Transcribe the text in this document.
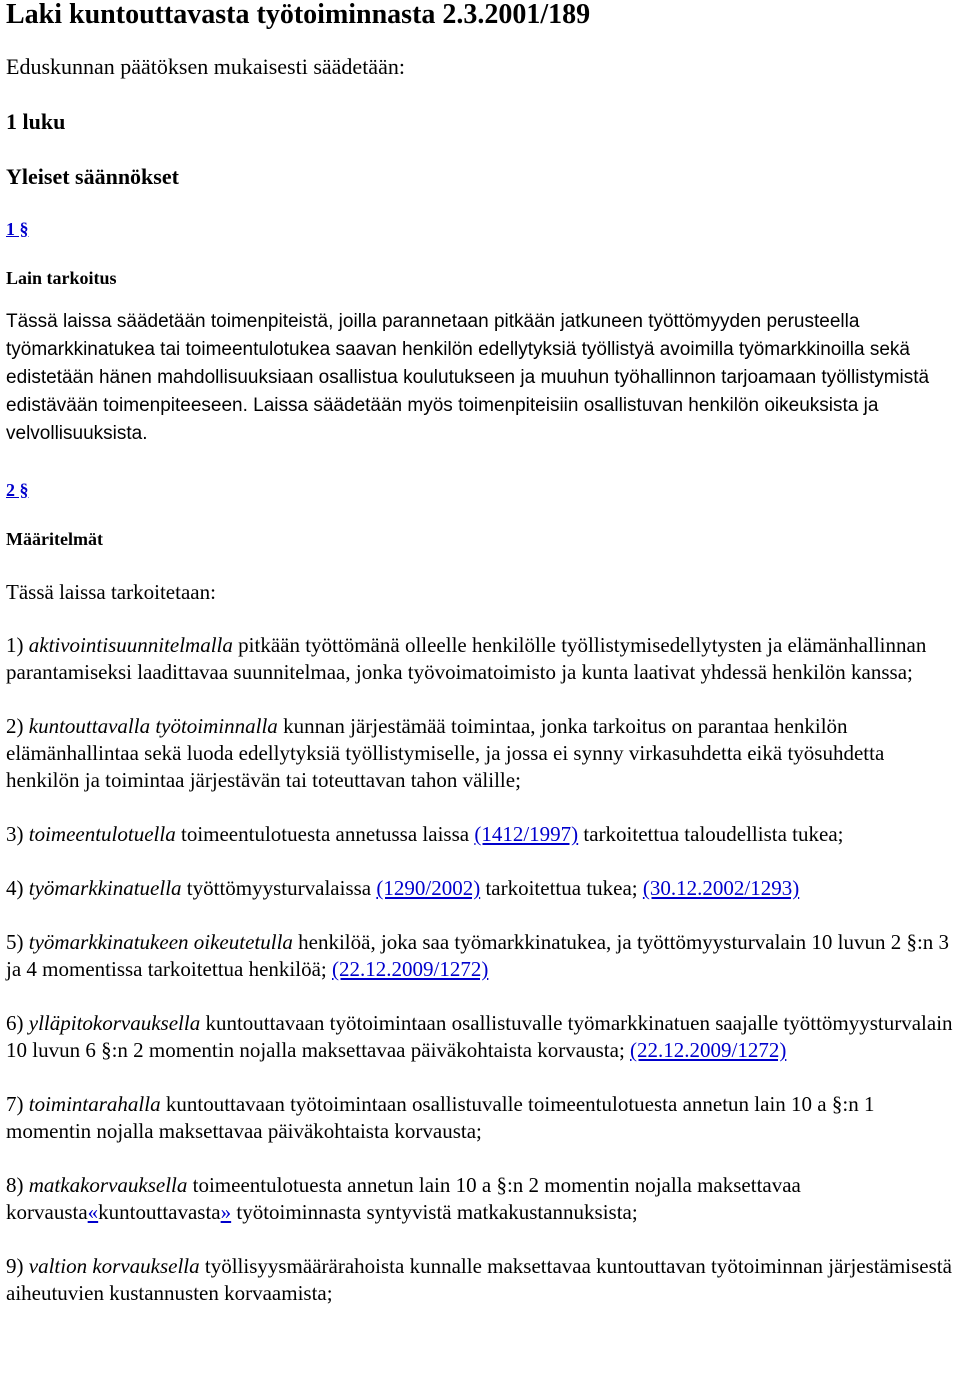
Laki kuntouttavasta työtoiminnasta 2.3.2001/189

Eduskunnan päätöksen mukaisesti säädetään:

1 luku

Yleiset säännökset

1 §

Lain tarkoitus

Tässä laissa säädetään toimenpiteistä, joilla parannetaan pitkään jatkuneen työttömyyden perusteella työmarkkinatukea tai toimeentulotukea saavan henkilön edellytyksiä työllistyä avoimilla työmarkkinoilla sekä edistetään hänen mahdollisuuksiaan osallistua koulutukseen ja muuhun työhallinnon tarjoamaan työllistymistä edistävään toimenpiteeseen. Laissa säädetään myös toimenpiteisiin osallistuvan henkilön oikeuksista ja velvollisuuksista.

2 §

Määritelmät

Tässä laissa tarkoitetaan:

1) aktivointisuunnitelmalla pitkään työttömänä olleelle henkilölle työllistymisedellytysten ja elämänhallinnan parantamiseksi laadittavaa suunnitelmaa, jonka työvoimatoimisto ja kunta laativat yhdessä henkilön kanssa;

2) kuntouttavalla työtoiminnalla kunnan järjestämää toimintaa, jonka tarkoitus on parantaa henkilön elämänhallintaa sekä luoda edellytyksiä työllistymiselle, ja jossa ei synny virkasuhdetta eikä työsuhdetta henkilön ja toimintaa järjestävän tai toteuttavan tahon välille;

3) toimeentulotuella toimeentulotuesta annetussa laissa (1412/1997) tarkoitettua taloudellista tukea;

4) työmarkkinatuella työttömyysturvalaissa (1290/2002) tarkoitettua tukea; (30.12.2002/1293)

5) työmarkkinatukeen oikeutetulla henkilöä, joka saa työmarkkinatukea, ja työttömyysturvalain 10 luvun 2 §:n 3 ja 4 momentissa tarkoitettua henkilöä; (22.12.2009/1272)

6) ylläpitokorvauksella kuntouttavaan työtoimintaan osallistuvalle työmarkkinatuen saajalle työttömyysturvalain 10 luvun 6 §:n 2 momentin nojalla maksettavaa päiväkohtaista korvausta; (22.12.2009/1272)

7) toimintarahalla kuntouttavaan työtoimintaan osallistuvalle toimeentulotuesta annetun lain 10 a §:n 1 momentin nojalla maksettavaa päiväkohtaista korvausta;

8) matkakorvauksella toimeentulotuesta annetun lain 10 a §:n 2 momentin nojalla maksettavaa korvausta«kuntouttavasta» työtoiminnasta syntyvistä matkakustannuksista;

9) valtion korvauksella työllisyysmäärärahoista kunnalle maksettavaa kuntouttavan työtoiminnan järjestämisestä aiheutuvien kustannusten korvaamista;
